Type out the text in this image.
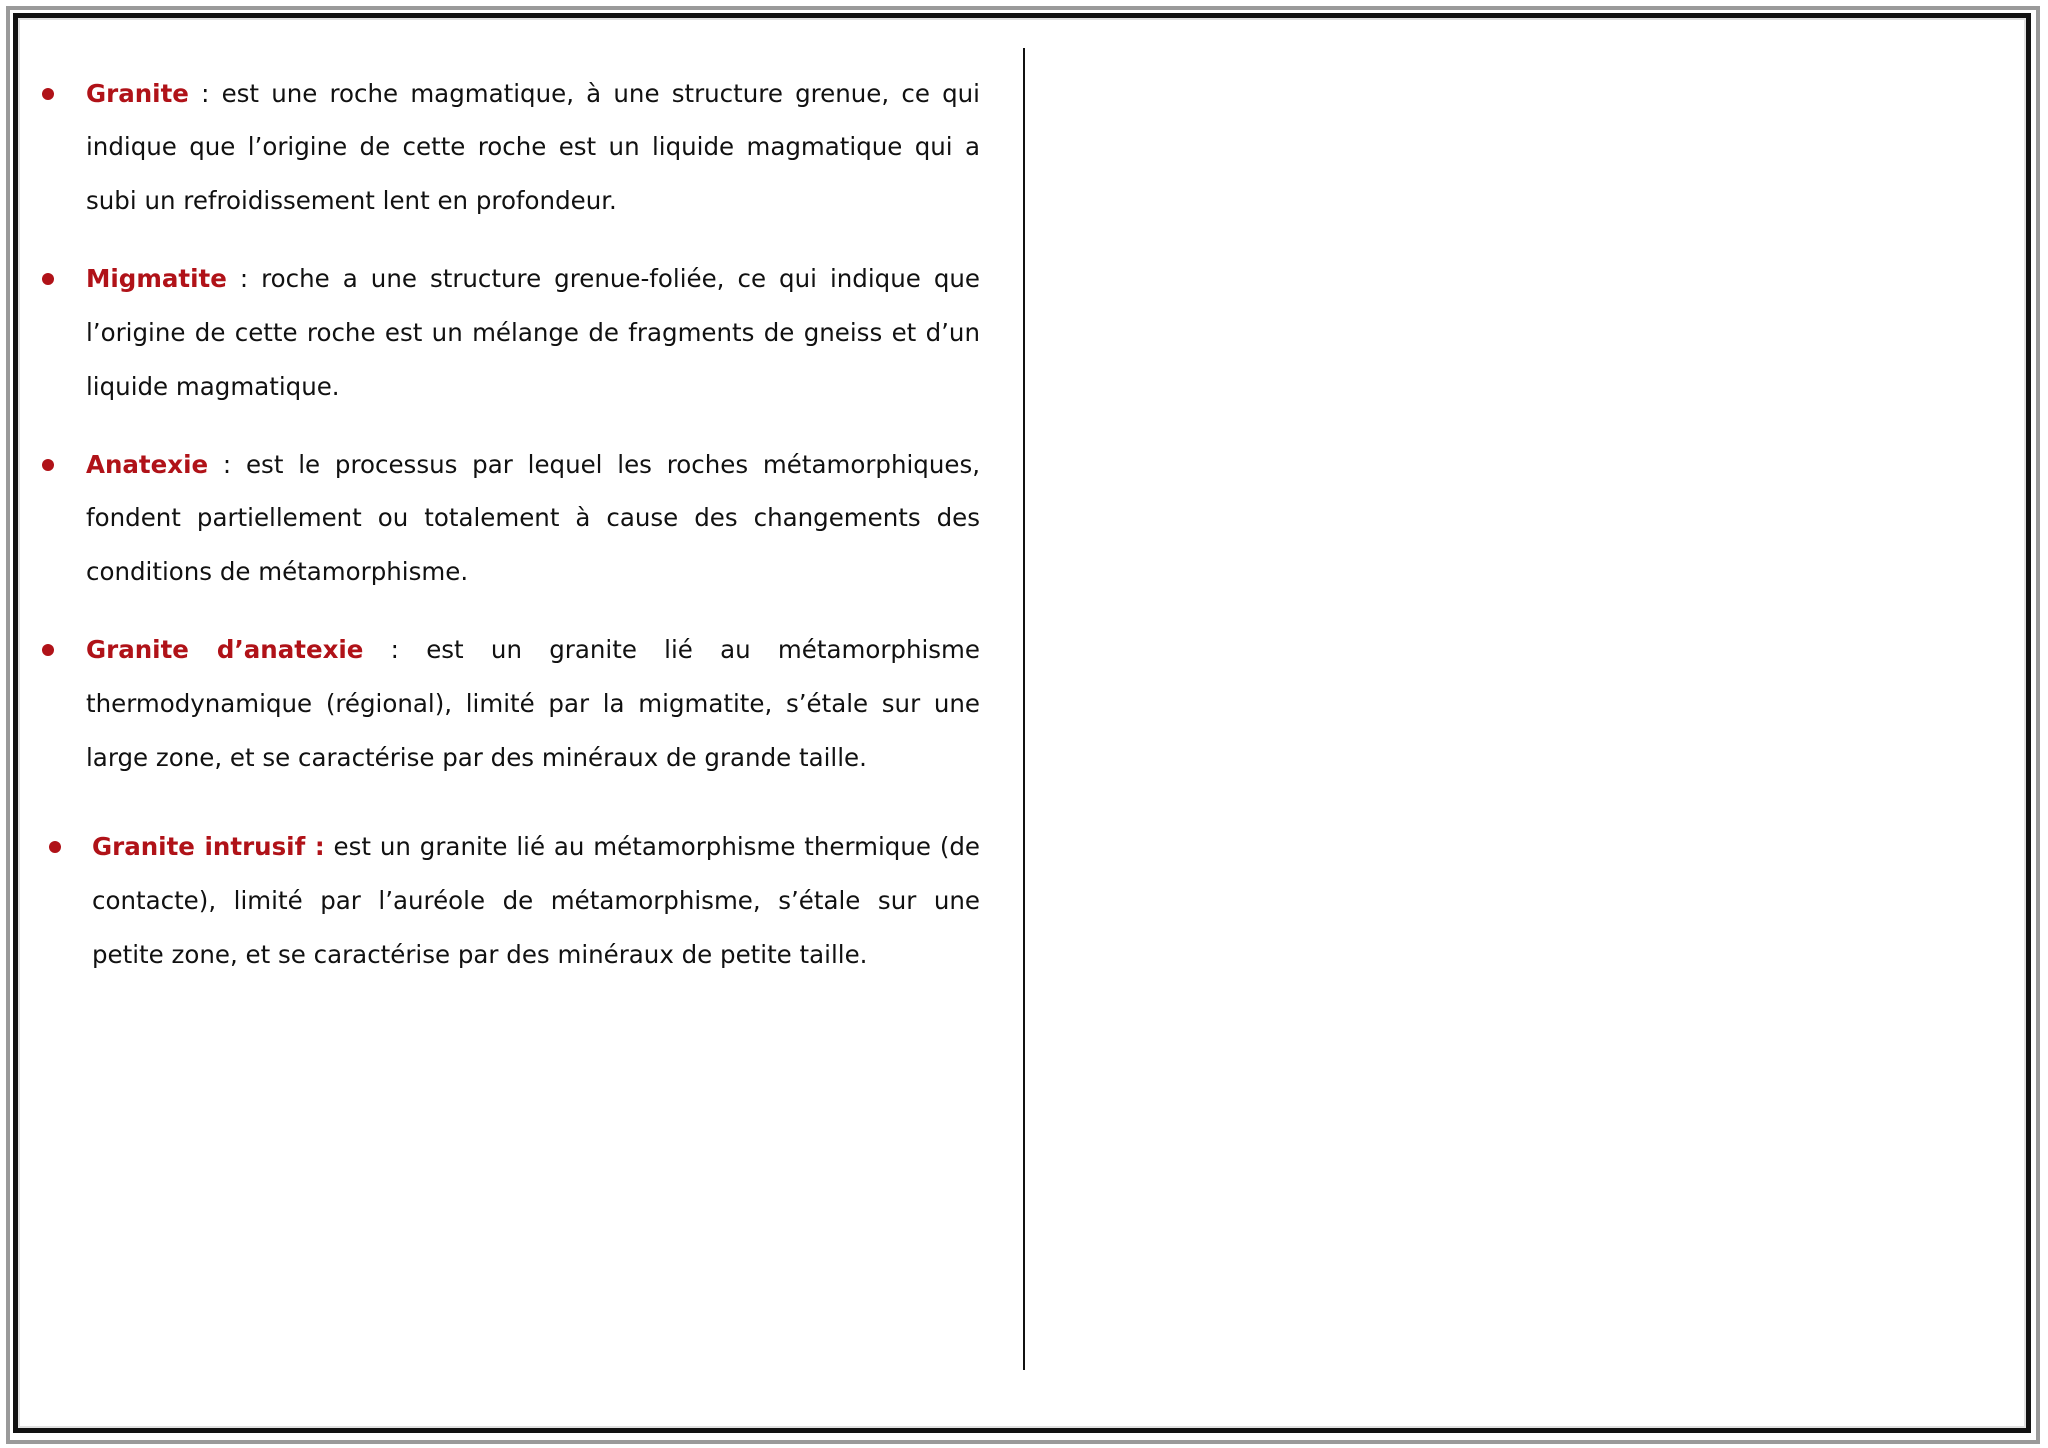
Granite : est une roche magmatique, à une structure grenue, ce qui indique que l’origine de cette roche est un liquide magmatique qui a subi un refroidissement lent en profondeur.

Migmatite : roche a une structure grenue-foliée, ce qui indique que l’origine de cette roche est un mélange de fragments de gneiss et d’un liquide magmatique.

Anatexie : est le processus par lequel les roches métamorphiques, fondent partiellement ou totalement à cause des changements des conditions de métamorphisme.

Granite d’anatexie : est un granite lié au métamorphisme thermodynamique (régional), limité par la migmatite, s’étale sur une large zone, et se caractérise par des minéraux de grande taille.

Granite intrusif : est un granite lié au métamorphisme thermique (de contacte), limité par l’auréole de métamorphisme, s’étale sur une petite zone, et se caractérise par des minéraux de petite taille.
